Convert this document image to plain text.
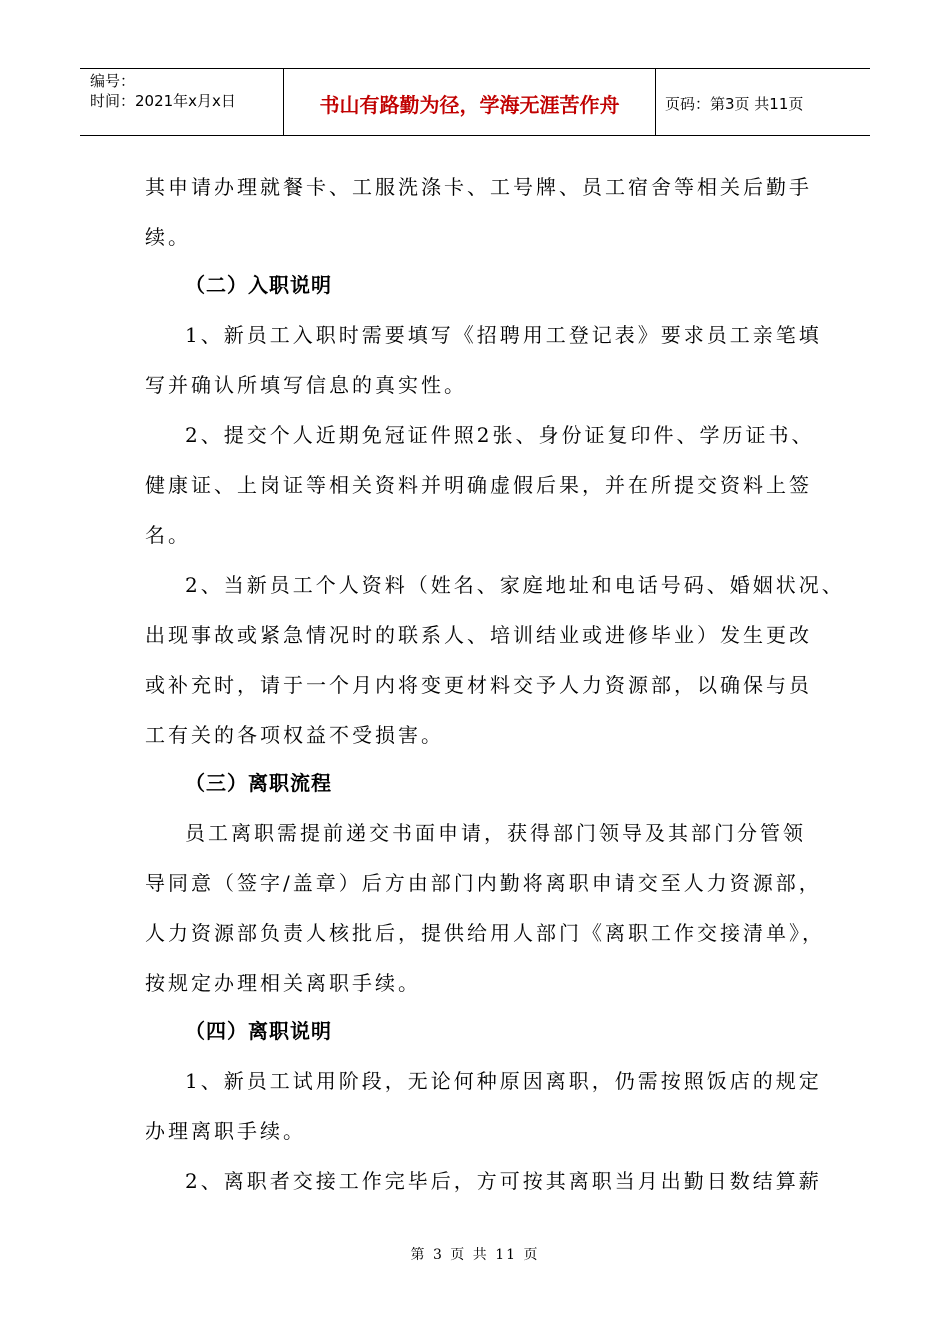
编号：
时间：2021年x月x日	书山有路勤为径，学海无涯苦作舟	页码：第3页 共11页
其申请办理就餐卡、工服洗涤卡、工号牌、员工宿舍等相关后勤手
续。
（二）入职说明
1、新员工入职时需要填写《招聘用工登记表》要求员工亲笔填
写并确认所填写信息的真实性。
2、提交个人近期免冠证件照2张、身份证复印件、学历证书、
健康证、上岗证等相关资料并明确虚假后果，并在所提交资料上签
名。
2、当新员工个人资料（姓名、家庭地址和电话号码、婚姻状况、
出现事故或紧急情况时的联系人、培训结业或进修毕业）发生更改
或补充时，请于一个月内将变更材料交予人力资源部，以确保与员
工有关的各项权益不受损害。
（三）离职流程
员工离职需提前递交书面申请，获得部门领导及其部门分管领
导同意（签字/盖章）后方由部门内勤将离职申请交至人力资源部，
人力资源部负责人核批后，提供给用人部门《离职工作交接清单》，
按规定办理相关离职手续。
（四）离职说明
1、新员工试用阶段，无论何种原因离职，仍需按照饭店的规定
办理离职手续。
2、离职者交接工作完毕后，方可按其离职当月出勤日数结算薪
第 3 页 共 11 页
